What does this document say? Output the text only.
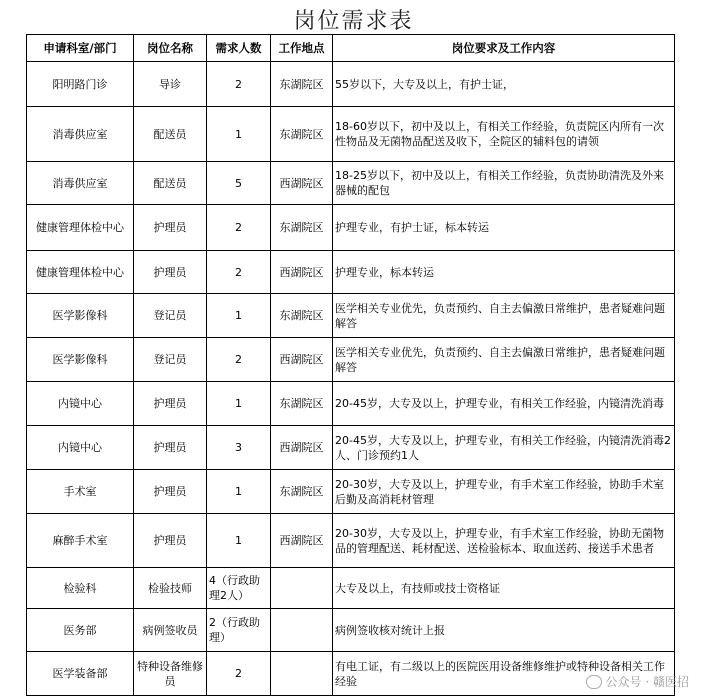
岗位需求表
申请科室/部门	岗位名称	需求人数	工作地点	岗位要求及工作内容
阳明路门诊	导诊	2	东湖院区	55岁以下，大专及以上，有护士证，
消毒供应室	配送员	1	东湖院区	18-60岁以下，初中及以上，有相关工作经验，负责院区内所有一次性物品及无菌物品配送及收下，全院区的辅料包的请领
消毒供应室	配送员	5	西湖院区	18-25岁以下，初中及以上，有相关工作经验，负责协助清洗及外来器械的配包
健康管理体检中心	护理员	2	东湖院区	护理专业，有护士证，标本转运
健康管理体检中心	护理员	2	西湖院区	护理专业，标本转运
医学影像科	登记员	1	东湖院区	医学相关专业优先，负责预约、自主去偏激日常维护，患者疑难问题解答
医学影像科	登记员	2	西湖院区	医学相关专业优先，负责预约、自主去偏激日常维护，患者疑难问题解答
内镜中心	护理员	1	东湖院区	20-45岁，大专及以上，护理专业，有相关工作经验，内镜清洗消毒
内镜中心	护理员	3	西湖院区	20-45岁，大专及以上，护理专业，有相关工作经验，内镜清洗消毒2人、门诊预约1人
手术室	护理员	1	东湖院区	20-30岁，大专及以上，护理专业，有手术室工作经验，协助手术室后勤及高消耗材管理
麻醉手术室	护理员	1	西湖院区	20-30岁，大专及以上，护理专业，有手术室工作经验，协助无菌物品的管理配送、耗材配送、送检验标本、取血送药、接送手术患者
检验科	检验技师	4（行政助理2人）		大专及以上，有技师或技士资格证
医务部	病例签收员	2（行政助理）		病例签收核对统计上报
医学装备部	特种设备维修员	2		有电工证，有二级以上的医院医用设备维修维护或特种设备相关工作经验	公众号 · 赣医招
